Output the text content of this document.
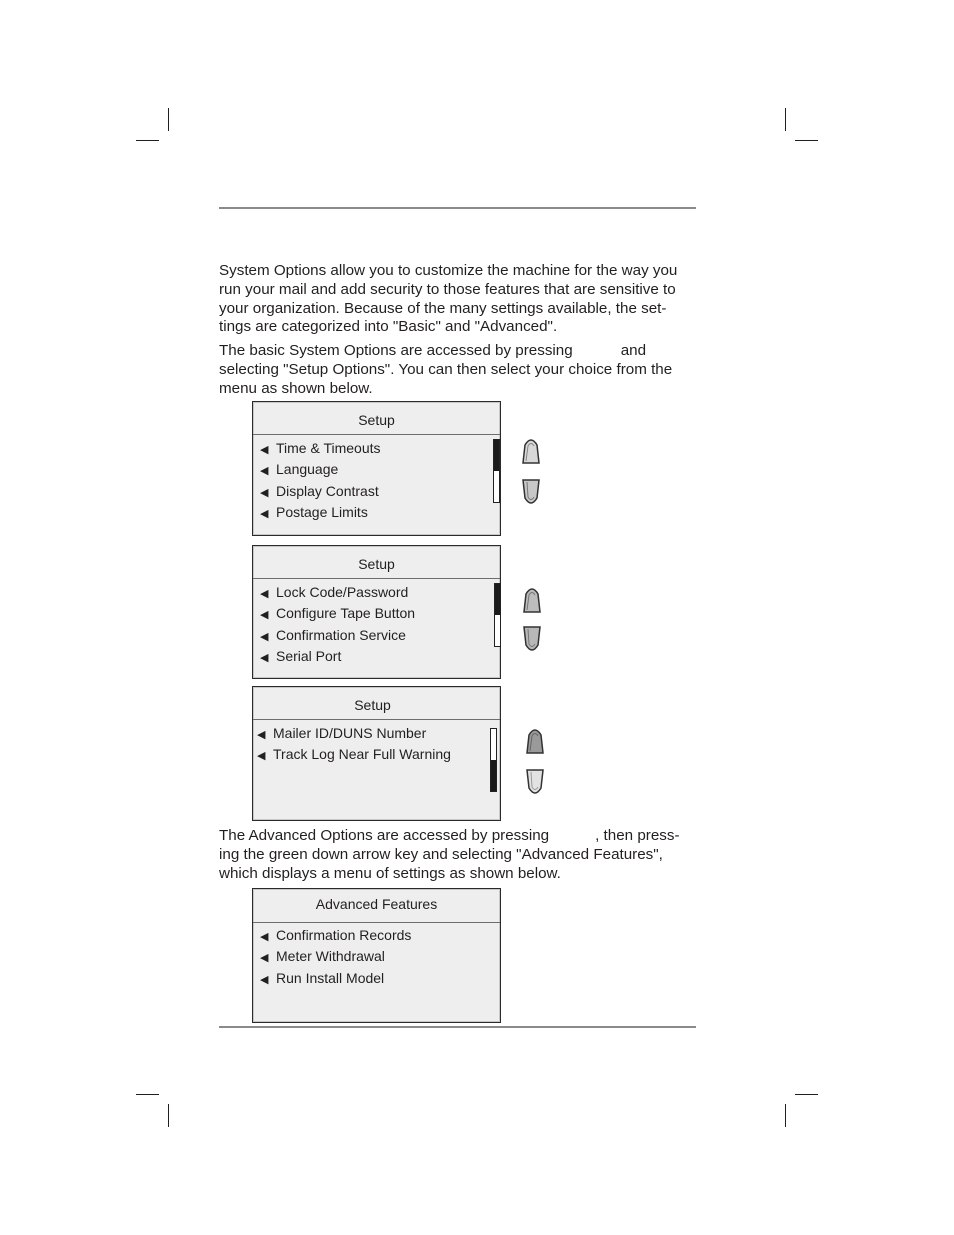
System Options allow you to customize the machine for the way you
run your mail and add security to those features that are sensitive to
your organization. Because of the many settings available, the set-
tings are categorized into "Basic" and "Advanced".

The basic System Options are accessed by pressing	and
selecting "Setup Options". You can then select your choice from the
menu as shown below.

Setup
◀ Time & Timeouts
◀ Language
◀ Display Contrast
◀ Postage Limits
Setup
◀ Lock Code/Password
◀ Configure Tape Button
◀ Confirmation Service
◀ Serial Port
Setup
◀ Mailer ID/DUNS Number
◀ Track Log Near Full Warning

The Advanced Options are accessed by pressing	, then press-
ing the green down arrow key and selecting "Advanced Features",
which displays a menu of settings as shown below.

Advanced Features
◀ Confirmation Records
◀ Meter Withdrawal
◀ Run Install Model
